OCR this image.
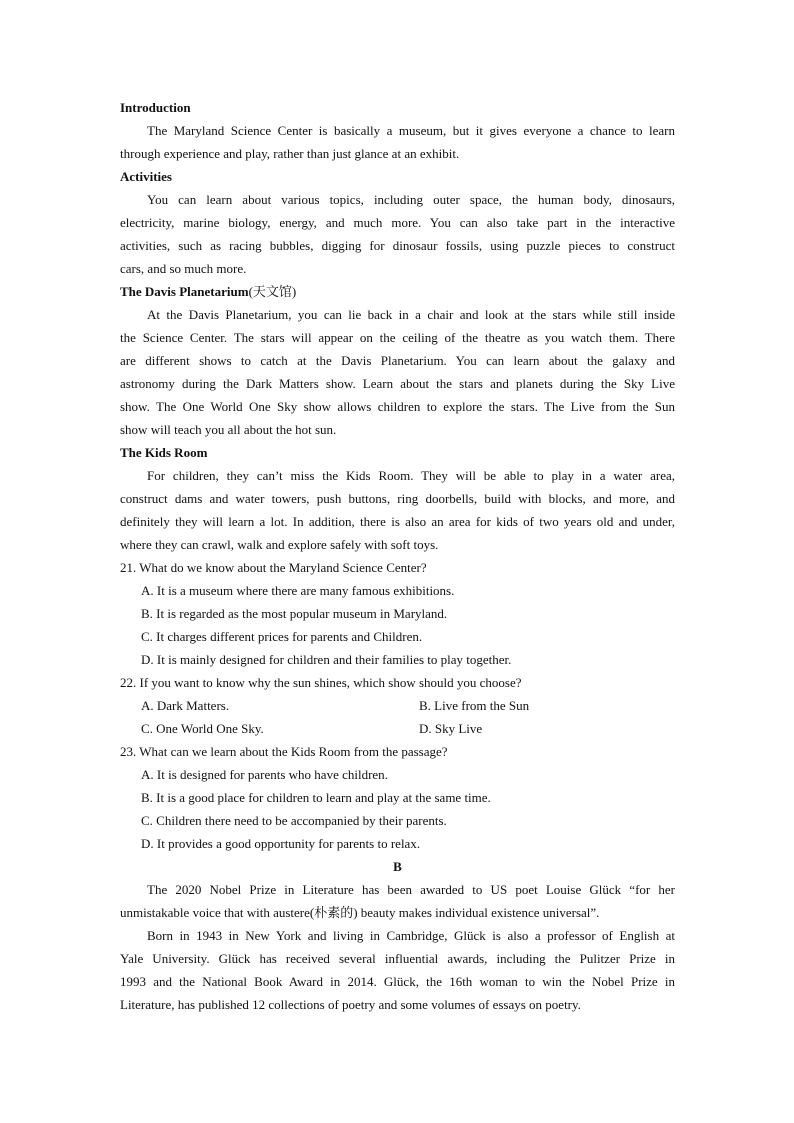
Introduction
The Maryland Science Center is basically a museum, but it gives everyone a chance to learn
through experience and play, rather than just glance at an exhibit.
Activities
You can learn about various topics, including outer space, the human body, dinosaurs,
electricity, marine biology, energy, and much more. You can also take part in the interactive
activities, such as racing bubbles, digging for dinosaur fossils, using puzzle pieces to construct
cars, and so much more.
The Davis Planetarium(天文馆)
At the Davis Planetarium, you can lie back in a chair and look at the stars while still inside
the Science Center. The stars will appear on the ceiling of the theatre as you watch them. There
are different shows to catch at the Davis Planetarium. You can learn about the galaxy and
astronomy during the Dark Matters show. Learn about the stars and planets during the Sky Live
show. The One World One Sky show allows children to explore the stars. The Live from the Sun
show will teach you all about the hot sun.
The Kids Room
For children, they can’t miss the Kids Room. They will be able to play in a water area,
construct dams and water towers, push buttons, ring doorbells, build with blocks, and more, and
definitely they will learn a lot. In addition, there is also an area for kids of two years old and under,
where they can crawl, walk and explore safely with soft toys.
21. What do we know about the Maryland Science Center?
A. It is a museum where there are many famous exhibitions.
B. It is regarded as the most popular museum in Maryland.
C. It charges different prices for parents and Children.
D. It is mainly designed for children and their families to play together.
22. If you want to know why the sun shines, which show should you choose?
A. Dark Matters.	B. Live from the Sun
C. One World One Sky.	D. Sky Live
23. What can we learn about the Kids Room from the passage?
A. It is designed for parents who have children.
B. It is a good place for children to learn and play at the same time.
C. Children there need to be accompanied by their parents.
D. It provides a good opportunity for parents to relax.
B
The 2020 Nobel Prize in Literature has been awarded to US poet Louise Glück “for her
unmistakable voice that with austere(朴素的) beauty makes individual existence universal”.
Born in 1943 in New York and living in Cambridge, Glück is also a professor of English at
Yale University. Glück has received several influential awards, including the Pulitzer Prize in
1993 and the National Book Award in 2014. Glück, the 16th woman to win the Nobel Prize in
Literature, has published 12 collections of poetry and some volumes of essays on poetry.
